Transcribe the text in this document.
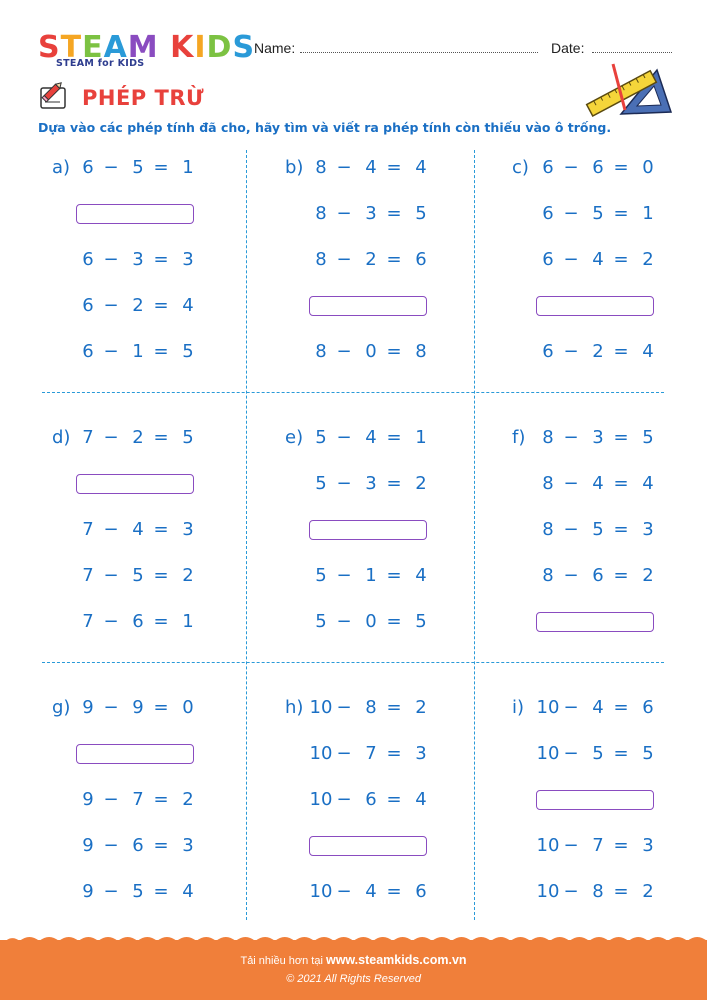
STEAM KIDS
STEAM for KIDS
Name:	Date:
PHÉP TRỪ
Dựa vào các phép tính đã cho, hãy tìm và viết ra phép tính còn thiếu vào ô trống.
a) 6 − 5 = 1
6 − 3 = 3
6 − 2 = 4
6 − 1 = 5
b) 8 − 4 = 4
8 − 3 = 5
8 − 2 = 6
8 − 0 = 8
c) 6 − 6 = 0
6 − 5 = 1
6 − 4 = 2
6 − 2 = 4
d) 7 − 2 = 5
7 − 4 = 3
7 − 5 = 2
7 − 6 = 1
e) 5 − 4 = 1
5 − 3 = 2
5 − 1 = 4
5 − 0 = 5
f) 8 − 3 = 5
8 − 4 = 4
8 − 5 = 3
8 − 6 = 2
g) 9 − 9 = 0
9 − 7 = 2
9 − 6 = 3
9 − 5 = 4
h) 10 − 8 = 2
10 − 7 = 3
10 − 6 = 4
10 − 4 = 6
i) 10 − 4 = 6
10 − 5 = 5
10 − 7 = 3
10 − 8 = 2
Tải nhiều hơn tại www.steamkids.com.vn
© 2021 All Rights Reserved
